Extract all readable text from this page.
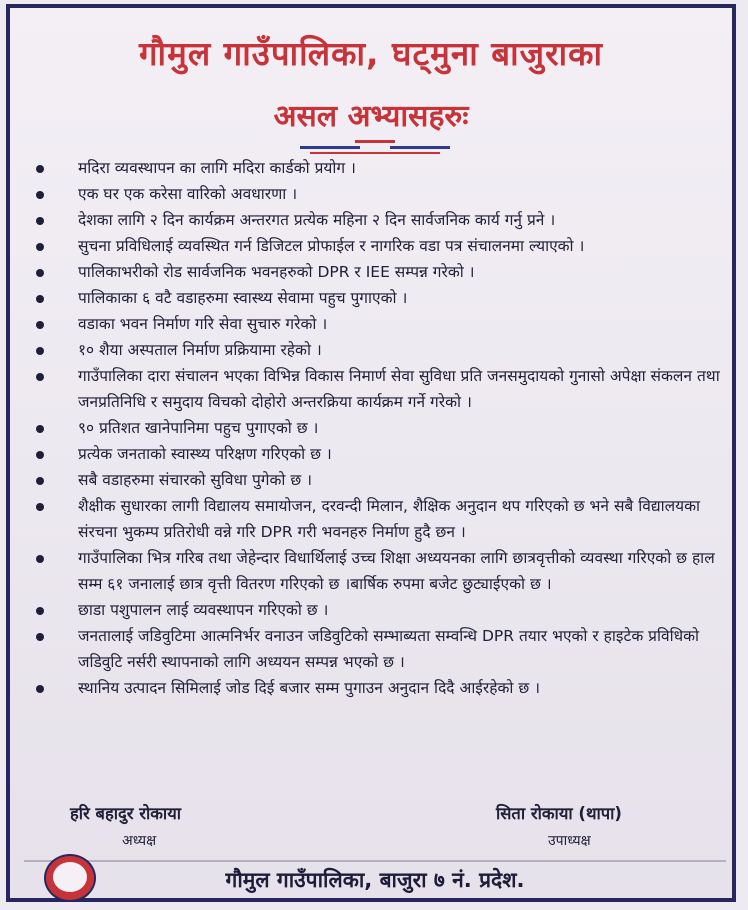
गौमुल गाउँपालिका, घट्मुना बाजुराका
असल अभ्यासहरुः
मदिरा व्यवस्थापन का लागि मदिरा कार्डको प्रयोग ।
एक घर एक करेसा वारिको अवधारणा ।
देशका लागि २ दिन कार्यक्रम अन्तरगत प्रत्येक महिना २ दिन सार्वजनिक कार्य गर्नु प्रने ।
सुचना प्रविधिलाई व्यवस्थित गर्न डिजिटल प्रोफाईल र नागरिक वडा पत्र संचालनमा ल्याएको ।
पालिकाभरीको रोड सार्वजनिक भवनहरुको DPR र IEE सम्पन्न गरेको ।
पालिकाका ६ वटै वडाहरुमा स्वास्थ्य सेवामा पहुच पुगाएको ।
वडाका भवन निर्माण गरि सेवा सुचारु गरेको ।
१० शैया अस्पताल निर्माण प्रक्रियामा रहेको ।
गाउँपालिका दारा संचालन भएका विभिन्न विकास निमार्ण सेवा सुविधा प्रति जनसमुदायको गुनासो अपेक्षा संकलन तथा जनप्रतिनिधि र समुदाय विचको दोहोरो अन्तरक्रिया कार्यक्रम गर्ने गरेको ।
९० प्रतिशत खानेपानिमा पहुच पुगाएको छ ।
प्रत्येक जनताको स्वास्थ्य परिक्षण गरिएको छ ।
सबै वडाहरुमा संचारको सुविधा पुगेको छ ।
शैक्षीक सुधारका लागी विद्यालय समायोजन, दरवन्दी मिलान, शैक्षिक अनुदान थप गरिएको छ भने सबै विद्यालयका संरचना भुकम्प प्रतिरोधी वन्ने गरि DPR गरी भवनहरु निर्माण हुदै छन ।
गाउँपालिका भित्र गरिब तथा जेहेन्दार विधार्थिलाई उच्च शिक्षा अध्ययनका लागि छात्रवृत्तीको व्यवस्था गरिएको छ हाल सम्म ६१ जनालाई छात्र वृत्ती वितरण गरिएको छ ।बार्षिक रुपमा बजेट छुट्याईएको छ ।
छाडा पशुपालन लाई व्यवस्थापन गरिएको छ ।
जनतालाई जडिवुटिमा आत्मनिर्भर वनाउन जडिवुटिको सम्भाब्यता सम्वन्धि DPR तयार भएको र हाइटेक प्रविधिको जडिवुटि नर्सरी स्थापनाको लागि अध्ययन सम्पन्न भएको छ ।
स्थानिय उत्पादन सिमिलाई जोड दिई बजार सम्म पुगाउन अनुदान दिदै आईरहेको छ ।
हरि बहादुर रोकाया
अध्यक्ष
सिता रोकाया (थापा)
उपाध्यक्ष
गौमुल गाउँपालिका, बाजुरा ७ नं. प्रदेश.
